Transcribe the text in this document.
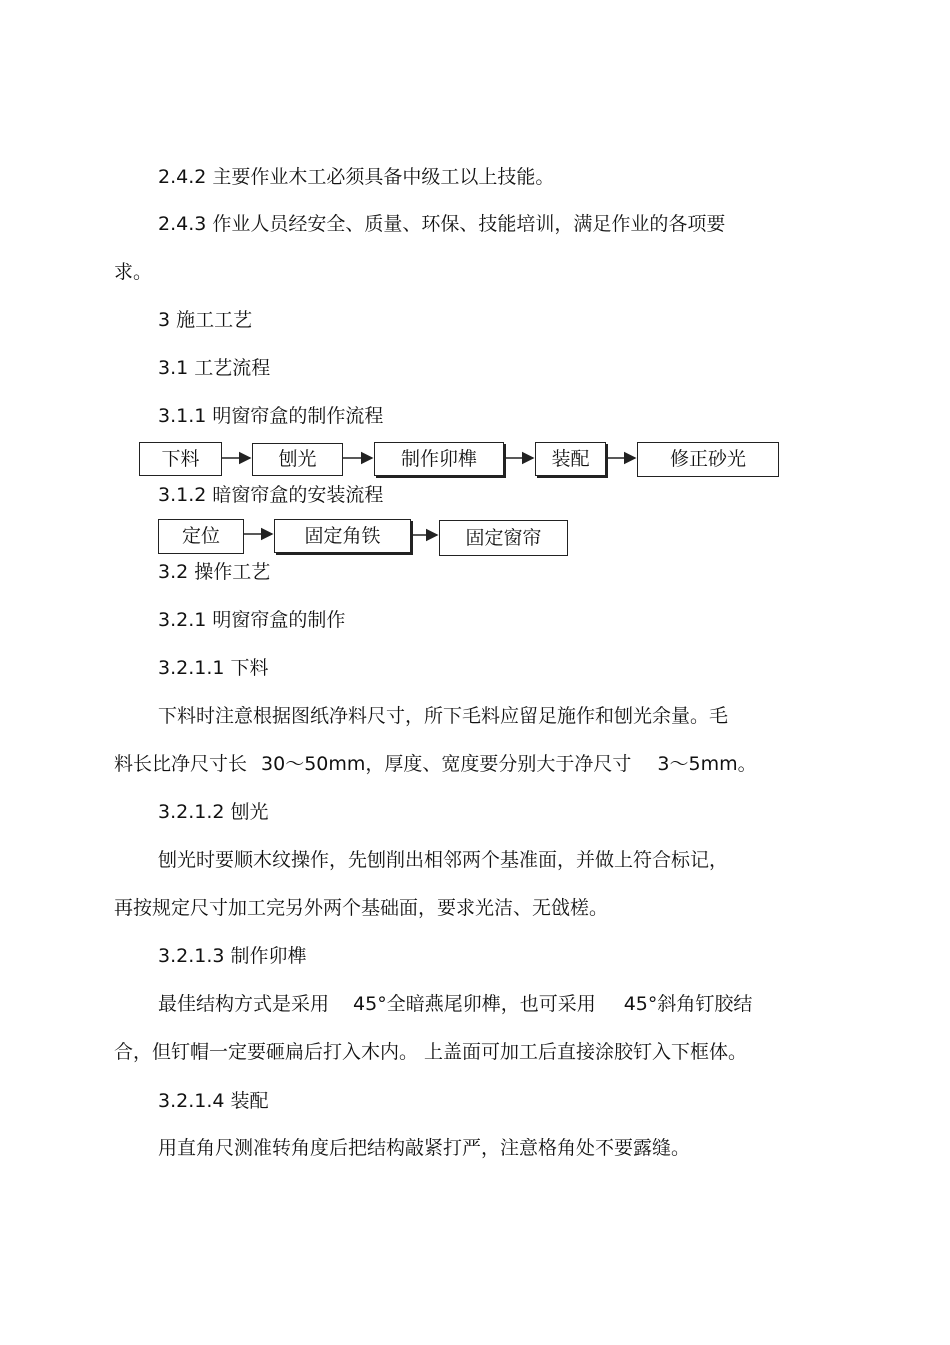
2.4.2 主要作业木工必须具备中级工以上技能。
2.4.3 作业人员经安全、质量、环保、技能培训，满足作业的各项要
求。
3 施工工艺
3.1 工艺流程
3.1.1 明窗帘盒的制作流程
下料	刨光	制作卯榫	装配	修正砂光
3.1.2 暗窗帘盒的安装流程
定位	固定角铁	固定窗帘
3.2 操作工艺
3.2.1 明窗帘盒的制作
3.2.1.1 下料
下料时注意根据图纸净料尺寸，所下毛料应留足施作和刨光余量。毛
料长比净尺寸长 30～50mm，厚度、宽度要分别大于净尺寸 3～5mm。
3.2.1.2 刨光
刨光时要顺木纹操作，先刨削出相邻两个基准面，并做上符合标记，
再按规定尺寸加工完另外两个基础面，要求光洁、无戗槎。
3.2.1.3 制作卯榫
最佳结构方式是采用 45°全暗燕尾卯榫，也可采用 45°斜角钉胶结
合，但钉帽一定要砸扁后打入木内。 上盖面可加工后直接涂胶钉入下框体。
3.2.1.4 装配
用直角尺测准转角度后把结构敲紧打严，注意格角处不要露缝。
